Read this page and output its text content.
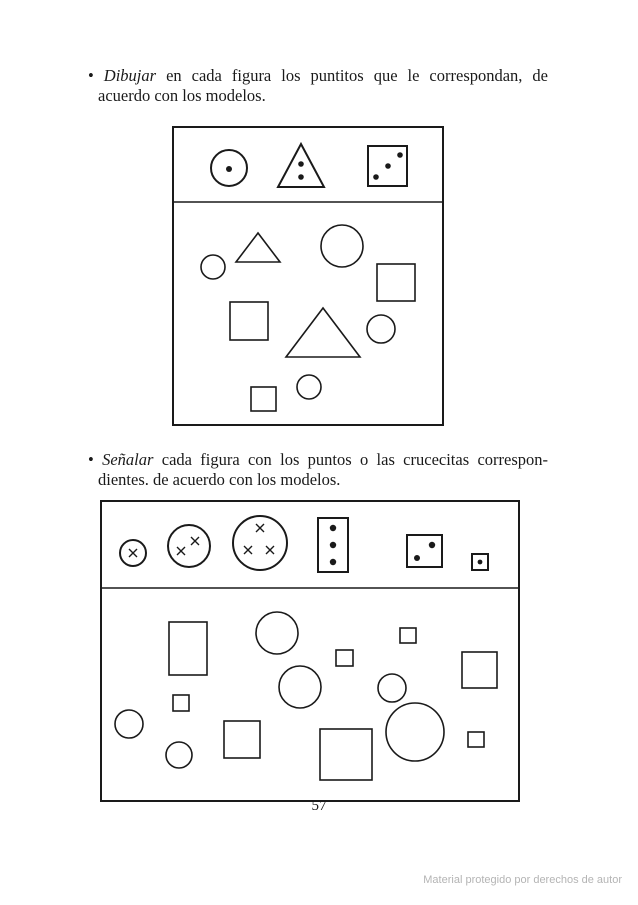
• Dibujar en cada figura los puntitos que le correspondan, de
acuerdo con los modelos.
• Señalar cada figura con los puntos o las crucecitas correspon-
dientes. de acuerdo con los modelos.
57
Material protegido por derechos de autor
